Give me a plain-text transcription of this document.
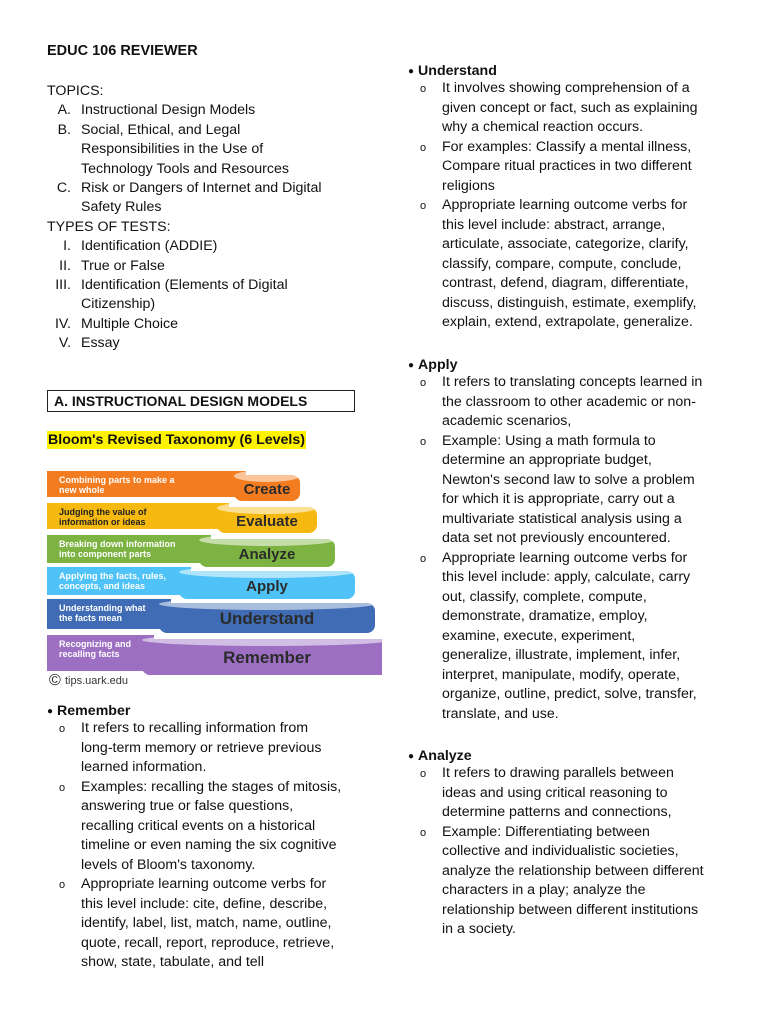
EDUC 106 REVIEWER
TOPICS:
A. Instructional Design Models
B. Social, Ethical, and Legal
Responsibilities in the Use of
Technology Tools and Resources
C. Risk or Dangers of Internet and Digital
Safety Rules
TYPES OF TESTS:
I. Identification (ADDIE)
II. True or False
III. Identification (Elements of Digital
Citizenship)
IV. Multiple Choice
V. Essay
A. INSTRUCTIONAL DESIGN MODELS
Bloom's Revised Taxonomy (6 Levels)
Recognizing and
recalling facts	Remember
Understanding what
the facts mean	Understand
Applying the facts, rules,
concepts, and ideas	Apply
Breaking down information
into component parts	Analyze
Judging the value of
information or ideas	Evaluate
Combining parts to make a
new whole	Create
© tips.uark.edu
● Remember
o	It refers to recalling information from
long-term memory or retrieve previous
learned information.
o	Examples: recalling the stages of mitosis,
answering true or false questions,
recalling critical events on a historical
timeline or even naming the six cognitive
levels of Bloom's taxonomy.
o	Appropriate learning outcome verbs for
this level include: cite, define, describe,
identify, label, list, match, name, outline,
quote, recall, report, reproduce, retrieve,
show, state, tabulate, and tell
● Understand
o	It involves showing comprehension of a
given concept or fact, such as explaining
why a chemical reaction occurs.
o	For examples: Classify a mental illness,
Compare ritual practices in two different
religions
o	Appropriate learning outcome verbs for
this level include: abstract, arrange,
articulate, associate, categorize, clarify,
classify, compare, compute, conclude,
contrast, defend, diagram, differentiate,
discuss, distinguish, estimate, exemplify,
explain, extend, extrapolate, generalize.
● Apply
o	It refers to translating concepts learned in
the classroom to other academic or non-
academic scenarios,
o	Example: Using a math formula to
determine an appropriate budget,
Newton's second law to solve a problem
for which it is appropriate, carry out a
multivariate statistical analysis using a
data set not previously encountered.
o	Appropriate learning outcome verbs for
this level include: apply, calculate, carry
out, classify, complete, compute,
demonstrate, dramatize, employ,
examine, execute, experiment,
generalize, illustrate, implement, infer,
interpret, manipulate, modify, operate,
organize, outline, predict, solve, transfer,
translate, and use.
● Analyze
o	It refers to drawing parallels between
ideas and using critical reasoning to
determine patterns and connections,
o	Example: Differentiating between
collective and individualistic societies,
analyze the relationship between different
characters in a play; analyze the
relationship between different institutions
in a society.
